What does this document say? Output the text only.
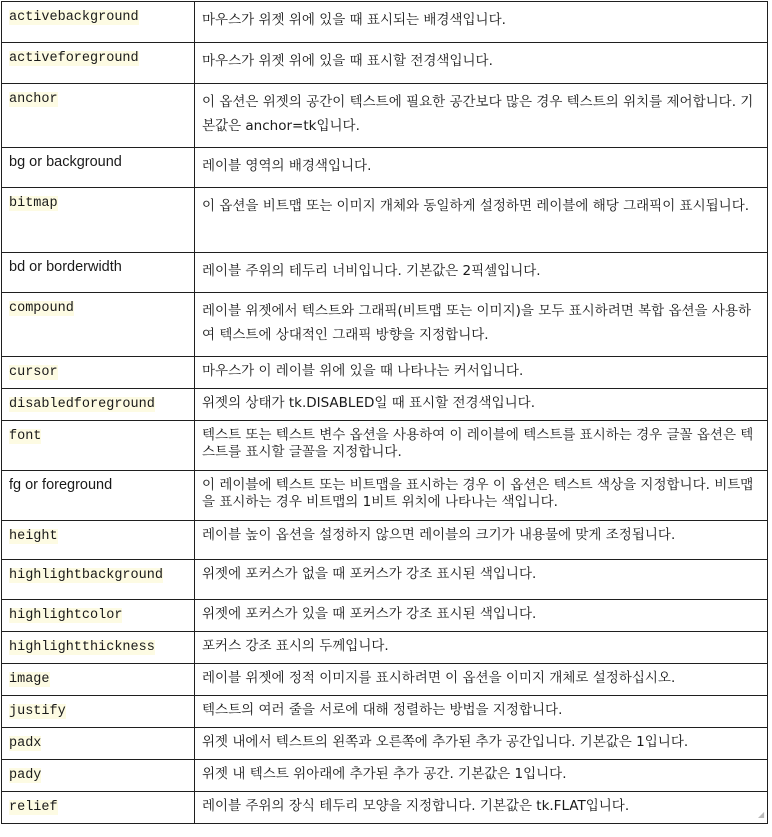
activebackground	마우스가 위젯 위에 있을 때 표시되는 배경색입니다.

activeforeground	마우스가 위젯 위에 있을 때 표시할 전경색입니다.

anchor	이 옵션은 위젯의 공간이 텍스트에 필요한 공간보다 많은 경우 텍스트의 위치를 제어합니다. 기본값은 anchor=tk입니다.

bg or background	레이블 영역의 배경색입니다.

bitmap	이 옵션을 비트맵 또는 이미지 개체와 동일하게 설정하면 레이블에 해당 그래픽이 표시됩니다.

bd or borderwidth	레이블 주위의 테두리 너비입니다. 기본값은 2픽셀입니다.

compound	레이블 위젯에서 텍스트와 그래픽(비트맵 또는 이미지)을 모두 표시하려면 복합 옵션을 사용하여 텍스트에 상대적인 그래픽 방향을 지정합니다.

cursor	마우스가 이 레이블 위에 있을 때 나타나는 커서입니다.

disabledforeground	위젯의 상태가 tk.DISABLED일 때 표시할 전경색입니다.

font	텍스트 또는 텍스트 변수 옵션을 사용하여 이 레이블에 텍스트를 표시하는 경우 글꼴 옵션은 텍스트를 표시할 글꼴을 지정합니다.

fg or foreground	이 레이블에 텍스트 또는 비트맵을 표시하는 경우 이 옵션은 텍스트 색상을 지정합니다. 비트맵을 표시하는 경우 비트맵의 1비트 위치에 나타나는 색입니다.

height	레이블 높이 옵션을 설정하지 않으면 레이블의 크기가 내용물에 맞게 조정됩니다.

highlightbackground	위젯에 포커스가 없을 때 포커스가 강조 표시된 색입니다.

highlightcolor	위젯에 포커스가 있을 때 포커스가 강조 표시된 색입니다.

highlightthickness	포커스 강조 표시의 두께입니다.

image	레이블 위젯에 정적 이미지를 표시하려면 이 옵션을 이미지 개체로 설정하십시오.

justify	텍스트의 여러 줄을 서로에 대해 정렬하는 방법을 지정합니다.

padx	위젯 내에서 텍스트의 왼쪽과 오른쪽에 추가된 추가 공간입니다. 기본값은 1입니다.

pady	위젯 내 텍스트 위아래에 추가된 추가 공간. 기본값은 1입니다.

relief	레이블 주위의 장식 테두리 모양을 지정합니다. 기본값은 tk.FLAT입니다.
◢
